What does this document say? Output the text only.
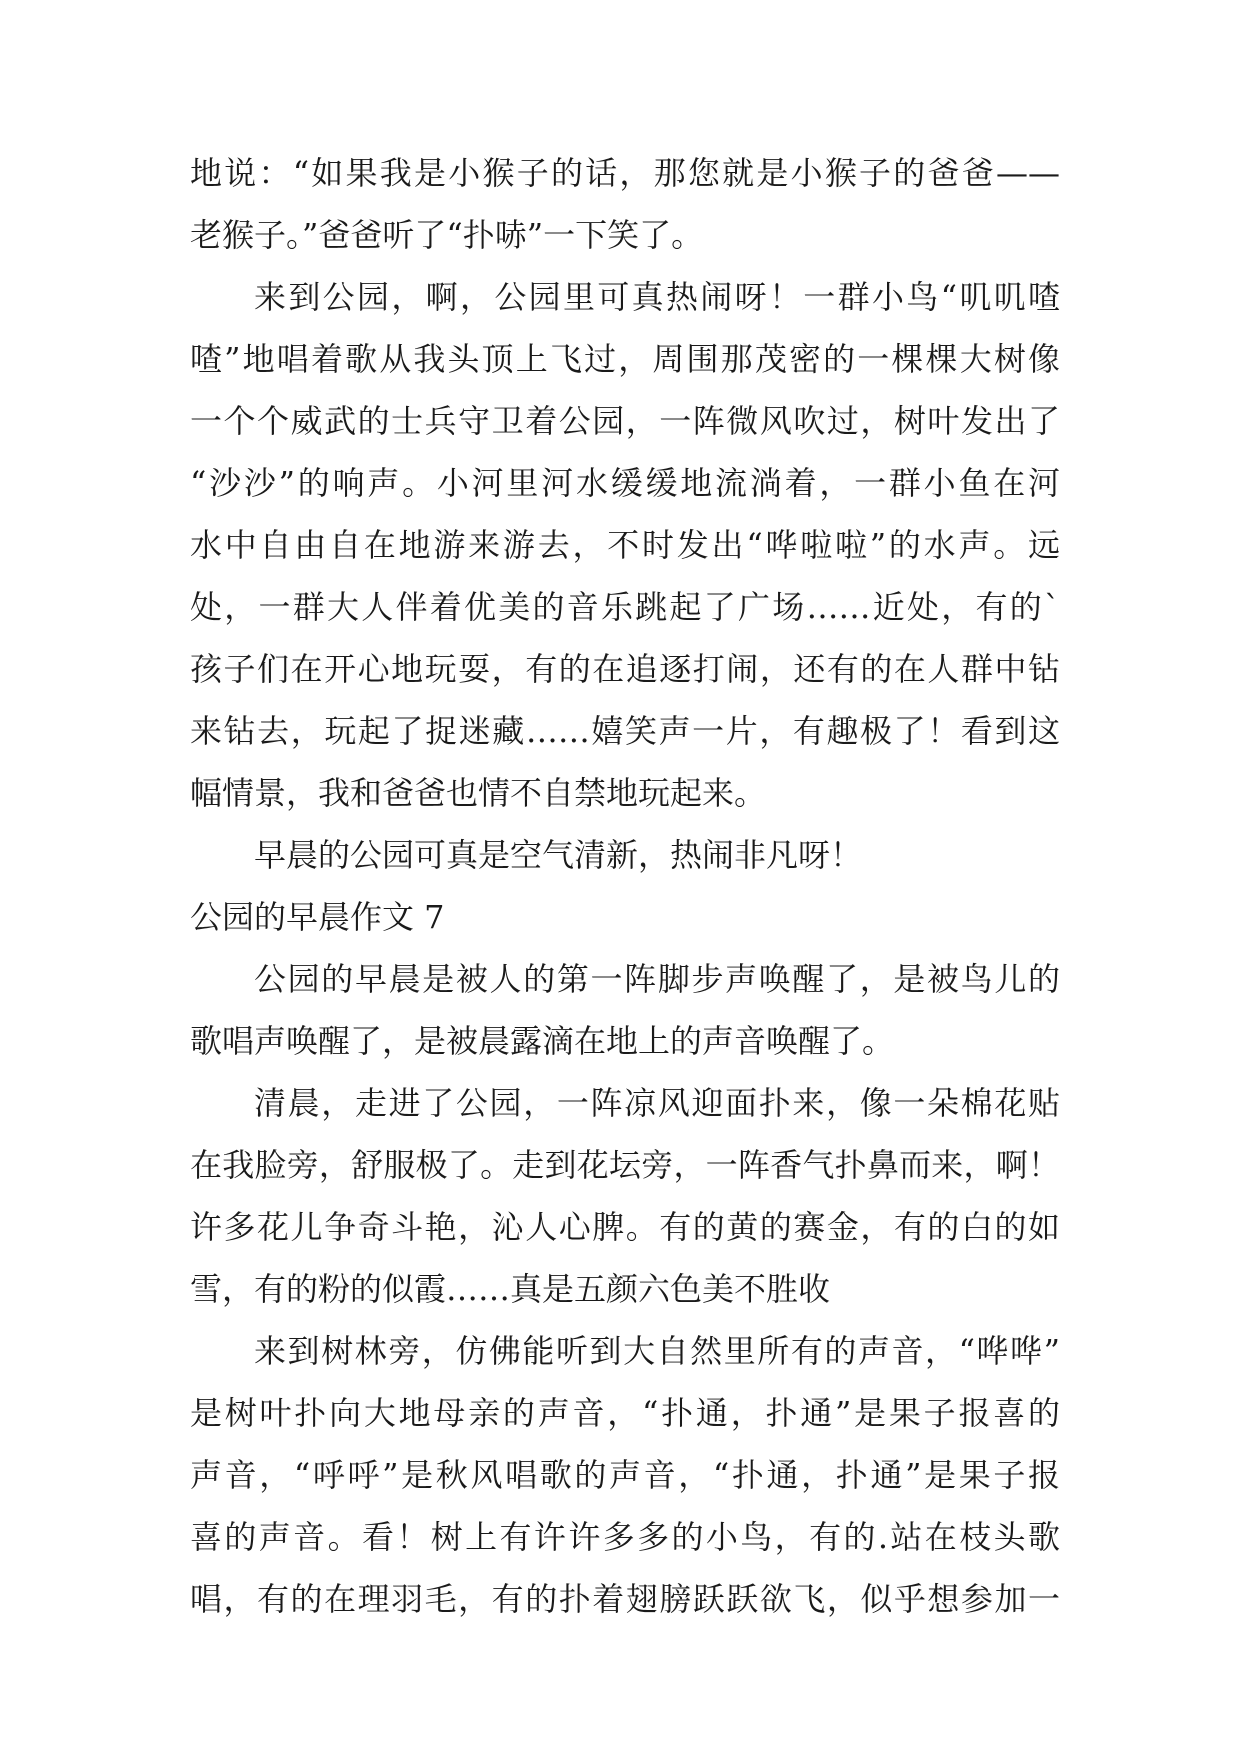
地说：“如果我是小猴子的话，那您就是小猴子的爸爸——
老猴子。”爸爸听了“扑哧”一下笑了。
来到公园，啊，公园里可真热闹呀！一群小鸟“叽叽喳
喳”地唱着歌从我头顶上飞过，周围那茂密的一棵棵大树像
一个个威武的士兵守卫着公园，一阵微风吹过，树叶发出了
“沙沙”的响声。小河里河水缓缓地流淌着，一群小鱼在河
水中自由自在地游来游去，不时发出“哗啦啦”的水声。远
处，一群大人伴着优美的音乐跳起了广场……近处，有的`
孩子们在开心地玩耍，有的在追逐打闹，还有的在人群中钻
来钻去，玩起了捉迷藏……嬉笑声一片，有趣极了！看到这
幅情景，我和爸爸也情不自禁地玩起来。
早晨的公园可真是空气清新，热闹非凡呀！
公园的早晨作文 7
公园的早晨是被人的第一阵脚步声唤醒了，是被鸟儿的
歌唱声唤醒了，是被晨露滴在地上的声音唤醒了。
清晨，走进了公园，一阵凉风迎面扑来，像一朵棉花贴
在我脸旁，舒服极了。走到花坛旁，一阵香气扑鼻而来，啊！
许多花儿争奇斗艳，沁人心脾。有的黄的赛金，有的白的如
雪，有的粉的似霞……真是五颜六色美不胜收
来到树林旁，仿佛能听到大自然里所有的声音，“哗哗”
是树叶扑向大地母亲的声音，“扑通，扑通”是果子报喜的
声音，“呼呼”是秋风唱歌的声音，“扑通，扑通”是果子报
喜的声音。看！树上有许许多多的小鸟，有的.站在枝头歌
唱，有的在理羽毛，有的扑着翅膀跃跃欲飞，似乎想参加一
